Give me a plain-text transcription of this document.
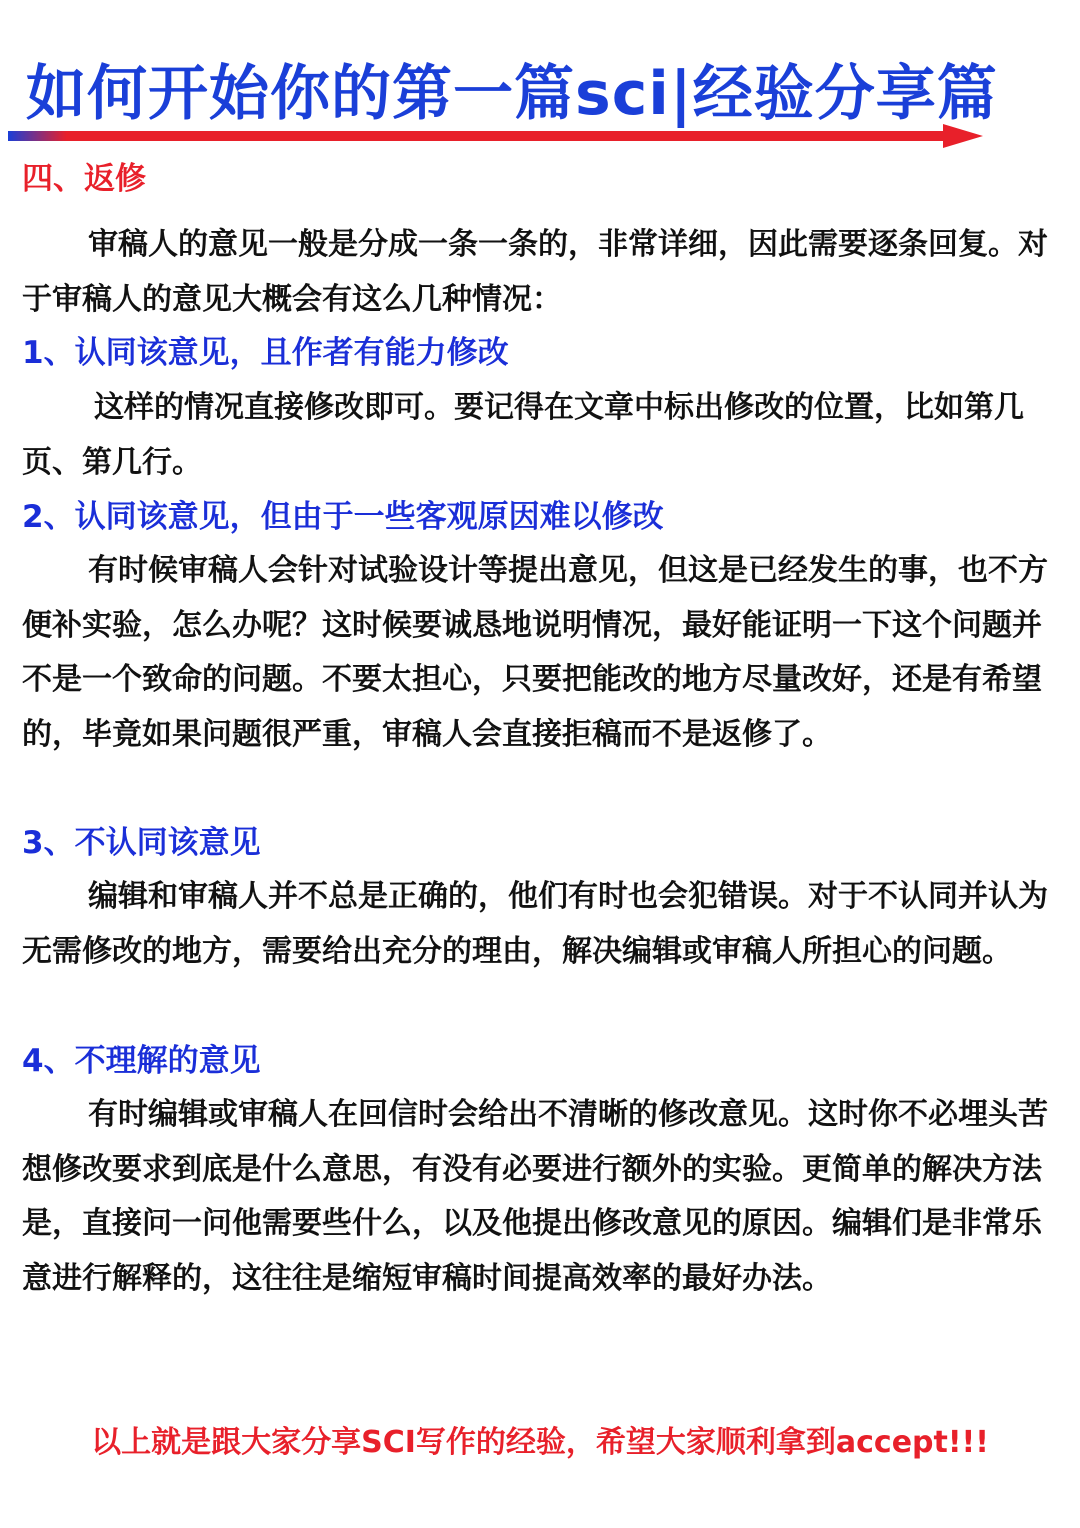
如何开始你的第一篇sci|经验分享篇
四、返修

审稿人的意见一般是分成一条一条的，非常详细，因此需要逐条回复。对于审稿人的意见大概会有这么几种情况：

1、认同该意见，且作者有能力修改

这样的情况直接修改即可。要记得在文章中标出修改的位置，比如第几页、第几行。

2、认同该意见，但由于一些客观原因难以修改

有时候审稿人会针对试验设计等提出意见，但这是已经发生的事，也不方便补实验，怎么办呢？这时候要诚恳地说明情况，最好能证明一下这个问题并不是一个致命的问题。不要太担心，只要把能改的地方尽量改好，还是有希望的，毕竟如果问题很严重，审稿人会直接拒稿而不是返修了。

3、不认同该意见

编辑和审稿人并不总是正确的，他们有时也会犯错误。对于不认同并认为无需修改的地方，需要给出充分的理由，解决编辑或审稿人所担心的问题。

4、不理解的意见

有时编辑或审稿人在回信时会给出不清晰的修改意见。这时你不必埋头苦想修改要求到底是什么意思，有没有必要进行额外的实验。更简单的解决方法是，直接问一问他需要些什么，以及他提出修改意见的原因。编辑们是非常乐意进行解释的，这往往是缩短审稿时间提高效率的最好办法。

以上就是跟大家分享SCI写作的经验，希望大家顺利拿到accept!!!
